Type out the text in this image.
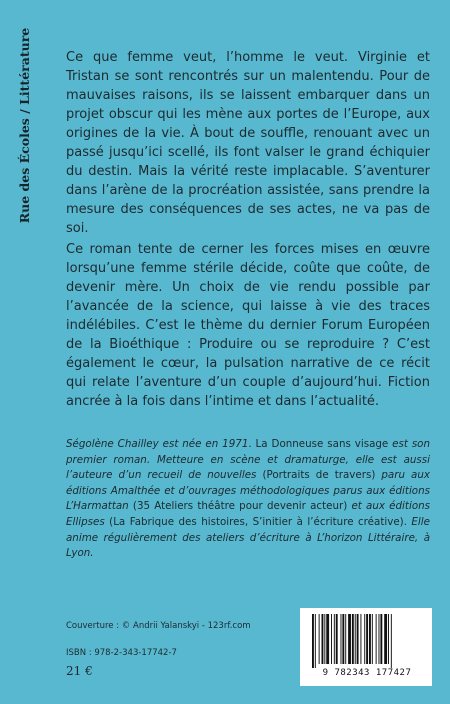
Rue des Écoles / Littérature	Ce que femme veut, l’homme le veut. Virginie et Tristan se sont rencontrés sur un malentendu. Pour de mauvaises raisons, ils se laissent embarquer dans un projet obscur qui les mène aux portes de l’Europe, aux origines de la vie. À bout de souffle, renouant avec un passé jusqu’ici scellé, ils font valser le grand échiquier du destin. Mais la vérité reste implacable. S’aventurer dans l’arène de la procréation assistée, sans prendre la mesure des conséquences de ses actes, ne va pas de soi.

Ce roman tente de cerner les forces mises en œuvre lorsqu’une femme stérile décide, coûte que coûte, de devenir mère. Un choix de vie rendu possible par l’avancée de la science, qui laisse à vie des traces indélébiles. C’est le thème du dernier Forum Européen de la Bioéthique : Produire ou se reproduire ? C’est également le cœur, la pulsation narrative de ce récit qui relate l’aventure d’un couple d’aujourd’hui. Fiction ancrée à la fois dans l’intime et dans l’actualité.

Ségolène Chailley est née en 1971. La Donneuse sans visage est son premier roman. Metteure en scène et dramaturge, elle est aussi l’auteure d’un recueil de nouvelles (Portraits de travers) paru aux éditions Amalthée et d’ouvrages méthodologiques parus aux éditions L’Harmattan (35 Ateliers théâtre pour devenir acteur) et aux éditions Ellipses (La Fabrique des histoires, S’initier à l’écriture créative). Elle anime régulièrement des ateliers d’écriture à L’horizon Littéraire, à Lyon.

Couverture : © Andrii Yalanskyi - 123rf.com
ISBN : 978-2-343-17742-7
21 €	9 782343 177427
